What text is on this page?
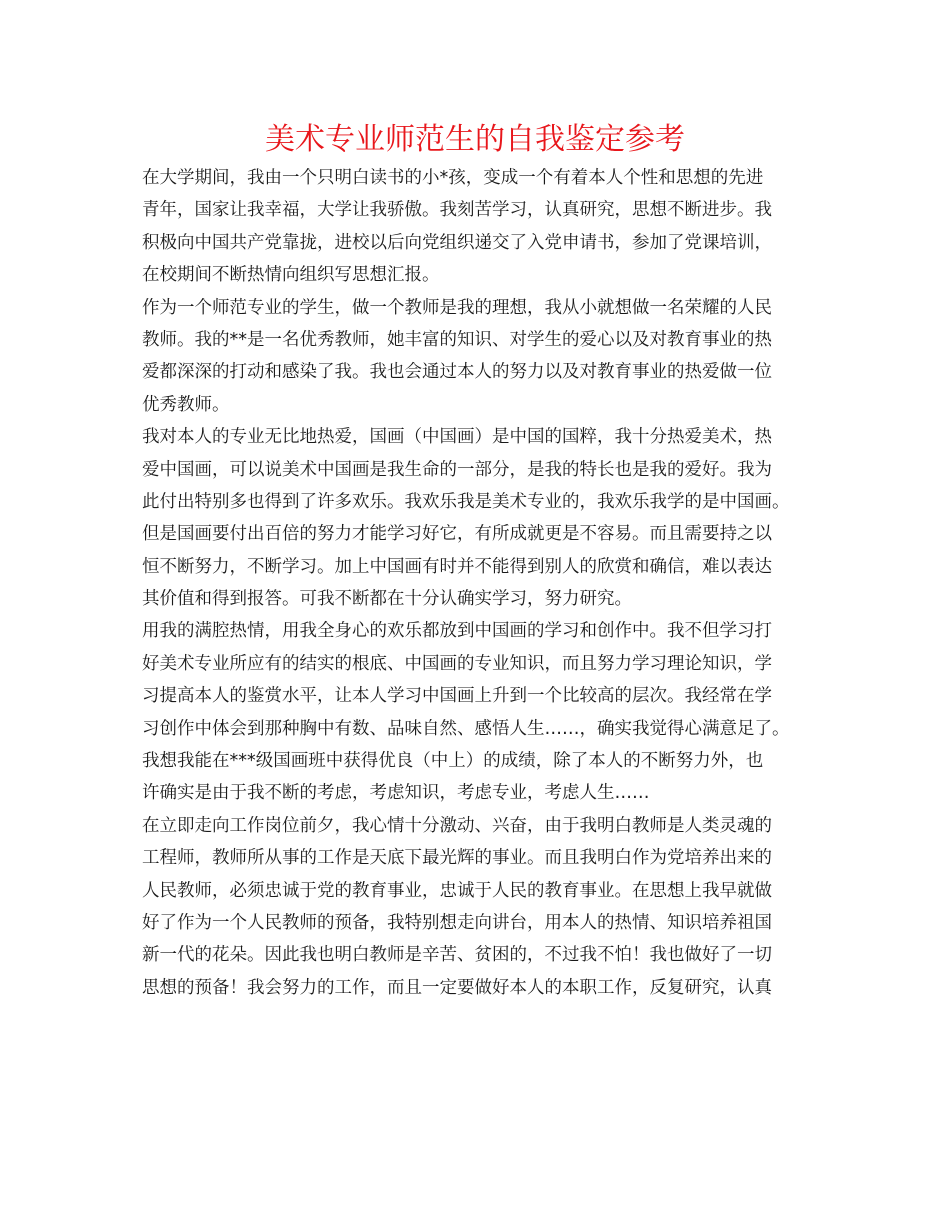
美术专业师范生的自我鉴定参考
在大学期间，我由一个只明白读书的小*孩，变成一个有着本人个性和思想的先进
青年，国家让我幸福，大学让我骄傲。我刻苦学习，认真研究，思想不断进步。我
积极向中国共产党靠拢，进校以后向党组织递交了入党申请书，参加了党课培训，
在校期间不断热情向组织写思想汇报。
作为一个师范专业的学生，做一个教师是我的理想，我从小就想做一名荣耀的人民
教师。我的**是一名优秀教师，她丰富的知识、对学生的爱心以及对教育事业的热
爱都深深的打动和感染了我。我也会通过本人的努力以及对教育事业的热爱做一位
优秀教师。
我对本人的专业无比地热爱，国画（中国画）是中国的国粹，我十分热爱美术，热
爱中国画，可以说美术中国画是我生命的一部分，是我的特长也是我的爱好。我为
此付出特别多也得到了许多欢乐。我欢乐我是美术专业的，我欢乐我学的是中国画。
但是国画要付出百倍的努力才能学习好它，有所成就更是不容易。而且需要持之以
恒不断努力，不断学习。加上中国画有时并不能得到别人的欣赏和确信，难以表达
其价值和得到报答。可我不断都在十分认确实学习，努力研究。
用我的满腔热情，用我全身心的欢乐都放到中国画的学习和创作中。我不但学习打
好美术专业所应有的结实的根底、中国画的专业知识，而且努力学习理论知识，学
习提高本人的鉴赏水平，让本人学习中国画上升到一个比较高的层次。我经常在学
习创作中体会到那种胸中有数、品味自然、感悟人生……，确实我觉得心满意足了。
我想我能在***级国画班中获得优良（中上）的成绩，除了本人的不断努力外，也
许确实是由于我不断的考虑，考虑知识，考虑专业，考虑人生……
在立即走向工作岗位前夕，我心情十分激动、兴奋，由于我明白教师是人类灵魂的
工程师，教师所从事的工作是天底下最光辉的事业。而且我明白作为党培养出来的
人民教师，必须忠诚于党的教育事业，忠诚于人民的教育事业。在思想上我早就做
好了作为一个人民教师的预备，我特别想走向讲台，用本人的热情、知识培养祖国
新一代的花朵。因此我也明白教师是辛苦、贫困的，不过我不怕！我也做好了一切
思想的预备！我会努力的工作，而且一定要做好本人的本职工作，反复研究，认真
